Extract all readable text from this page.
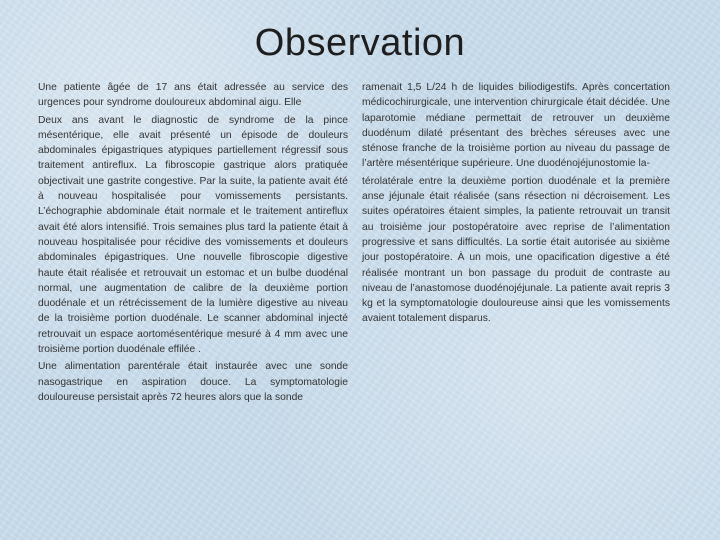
Observation

Une patiente âgée de 17 ans était adressée au service des urgences pour syndrome douloureux abdominal aigu. Elle

Deux ans avant le diagnostic de syndrome de la pince mésentérique, elle avait présenté un épisode de douleurs abdominales épigastriques atypiques partiellement régressif sous traitement antireflux. La fibroscopie gastrique alors pratiquée objectivait une gastrite congestive. Par la suite, la patiente avait été à nouveau hospitalisée pour vomissements persistants. L’échographie abdominale était normale et le traitement antireflux avait été alors intensifié. Trois semaines plus tard la patiente était à nouveau hospitalisée pour récidive des vomissements et douleurs abdominales épigastriques. Une nouvelle fibroscopie digestive haute était réalisée et retrouvait un estomac et un bulbe duodénal normal, une augmentation de calibre de la deuxième portion duodénale et un rétrécissement de la lumière digestive au niveau de la troisième portion duodénale. Le scanner abdominal injecté retrouvait un espace aortomésentérique mesuré à 4 mm avec une troisième portion duodénale effilée .

Une alimentation parentérale était instaurée avec une sonde nasogastrique en aspiration douce. La symptomatologie douloureuse persistait après 72 heures alors que la sonde

ramenait 1,5 L/24 h de liquides biliodigestifs. Après concertation médicochirurgicale, une intervention chirurgicale était décidée. Une laparotomie médiane permettait de retrouver un deuxième duodénum dilaté présentant des brèches séreuses avec une sténose franche de la troisième portion au niveau du passage de l’artère mésentérique supérieure. Une duodénojéjunostomie la-

térolatérale entre la deuxième portion duodénale et la première anse jéjunale était réalisée (sans résection ni décroisement. Les suites opératoires étaient simples, la patiente retrouvait un transit au troisième jour postopératoire avec reprise de l’alimentation progressive et sans difficultés. La sortie était autorisée au sixième jour postopératoire. À un mois, une opacification digestive a été réalisée montrant un bon passage du produit de contraste au niveau de l’anastomose duodénojéjunale. La patiente avait repris 3 kg et la symptomatologie douloureuse ainsi que les vomissements avaient totalement disparus.
